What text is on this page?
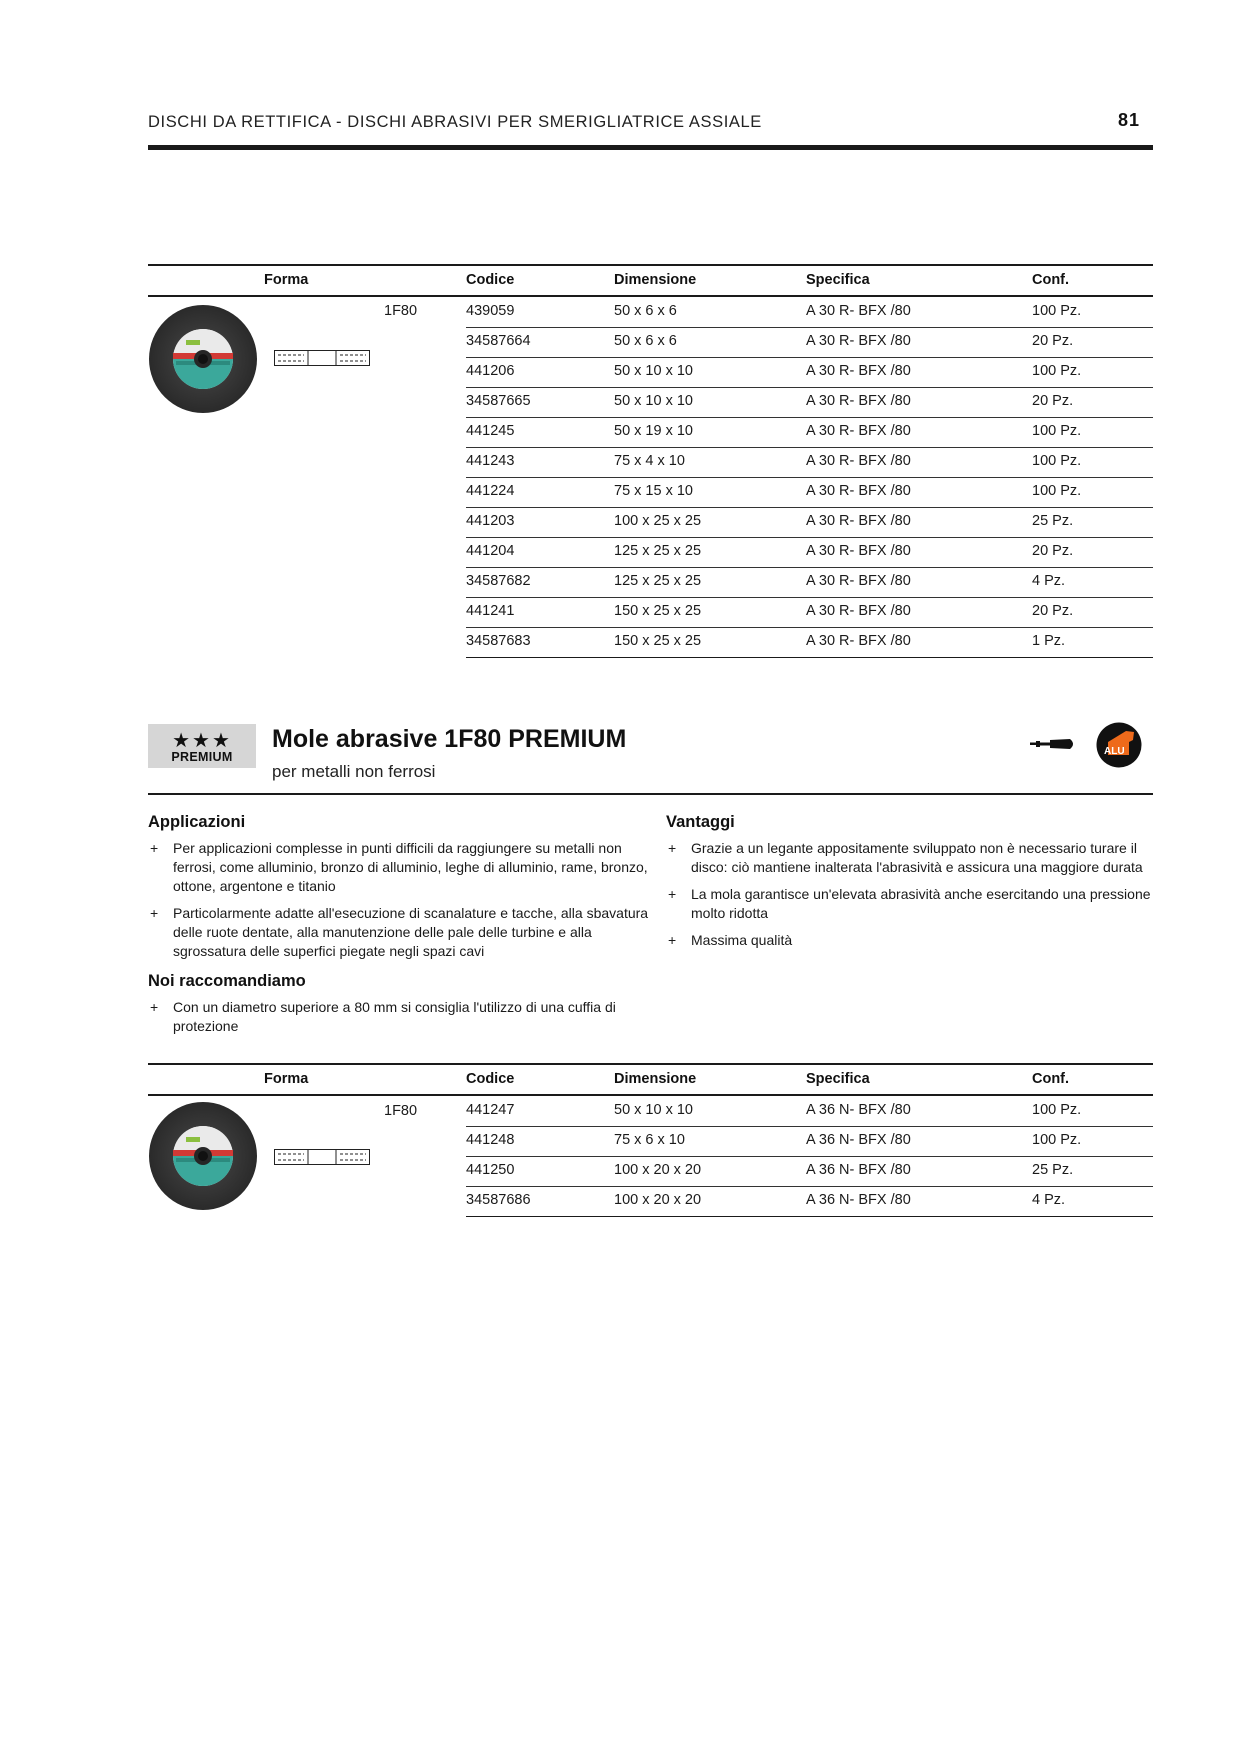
DISCHI DA RETTIFICA - DISCHI ABRASIVI PER SMERIGLIATRICE ASSIALE	81
Forma	Codice	Dimensione	Specifica	Conf.
1F80	439059	50 x 6 x 6	A 30 R- BFX /80	100 Pz.
34587664	50 x 6 x 6	A 30 R- BFX /80	20 Pz.
441206	50 x 10 x 10	A 30 R- BFX /80	100 Pz.
34587665	50 x 10 x 10	A 30 R- BFX /80	20 Pz.
441245	50 x 19 x 10	A 30 R- BFX /80	100 Pz.
441243	75 x 4 x 10	A 30 R- BFX /80	100 Pz.
441224	75 x 15 x 10	A 30 R- BFX /80	100 Pz.
441203	100 x 25 x 25	A 30 R- BFX /80	25 Pz.
441204	125 x 25 x 25	A 30 R- BFX /80	20 Pz.
34587682	125 x 25 x 25	A 30 R- BFX /80	4 Pz.
441241	150 x 25 x 25	A 30 R- BFX /80	20 Pz.
34587683	150 x 25 x 25	A 30 R- BFX /80	1 Pz.
★★★
PREMIUM
Mole abrasive 1F80 PREMIUM
per metalli non ferrosi
ALU
Applicazioni
+ Per applicazioni complesse in punti difficili da raggiungere su metalli non ferrosi, come alluminio, bronzo di alluminio, leghe di alluminio, rame, bronzo, ottone, argentone e titanio
+ Particolarmente adatte all'esecuzione di scanalature e tacche, alla sbavatura delle ruote dentate, alla manutenzione delle pale delle turbine e alla sgrossatura delle superfici piegate negli spazi cavi
Noi raccomandiamo
+ Con un diametro superiore a 80 mm si consiglia l'utilizzo di una cuffia di protezione
Vantaggi
+ Grazie a un legante appositamente sviluppato non è necessario turare il disco: ciò mantiene inalterata l'abrasività e assicura una maggiore durata
+ La mola garantisce un'elevata abrasività anche esercitando una pressione molto ridotta
+ Massima qualità
Forma	Codice	Dimensione	Specifica	Conf.
1F80	441247	50 x 10 x 10	A 36 N- BFX /80	100 Pz.
441248	75 x 6 x 10	A 36 N- BFX /80	100 Pz.
441250	100 x 20 x 20	A 36 N- BFX /80	25 Pz.
34587686	100 x 20 x 20	A 36 N- BFX /80	4 Pz.
